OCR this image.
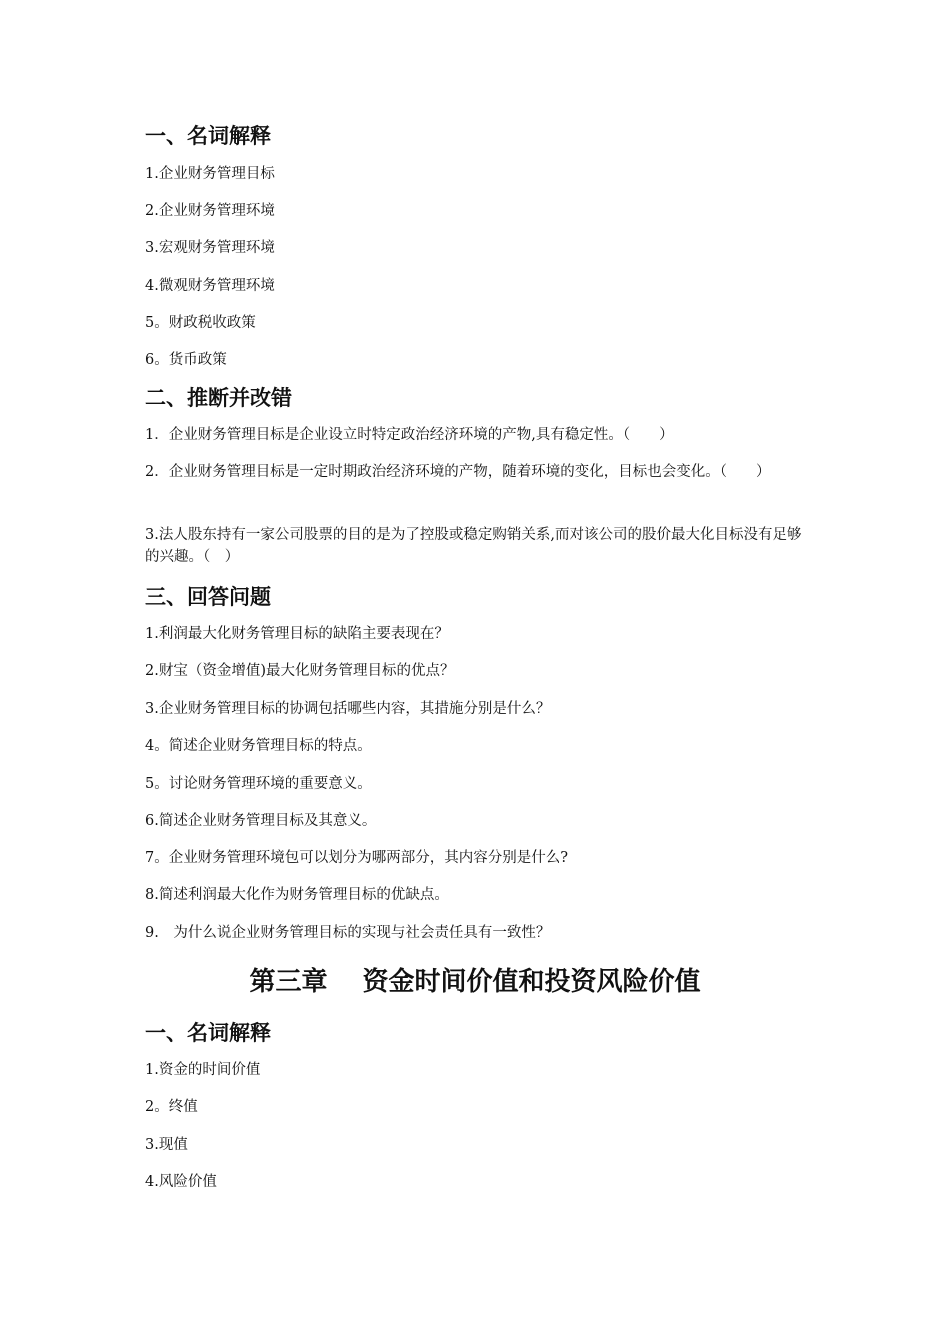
一、名词解释
1.企业财务管理目标
2.企业财务管理环境
3.宏观财务管理环境
4.微观财务管理环境
5。财政税收政策
6。货币政策
二、推断并改错
1．企业财务管理目标是企业设立时特定政治经济环境的产物,具有稳定性。（　　）
2．企业财务管理目标是一定时期政治经济环境的产物，随着环境的变化，目标也会变化。（　　）
3.法人股东持有一家公司股票的目的是为了控股或稳定购销关系,而对该公司的股价最大化目标没有足够的兴趣。（　）
三、回答问题
1.利润最大化财务管理目标的缺陷主要表现在？
2.财宝（资金增值)最大化财务管理目标的优点？
3.企业财务管理目标的协调包括哪些内容，其措施分别是什么？
4。简述企业财务管理目标的特点。
5。讨论财务管理环境的重要意义。
6.简述企业财务管理目标及其意义。
7。企业财务管理环境包可以划分为哪两部分，其内容分别是什么?
8.简述利润最大化作为财务管理目标的优缺点。
9.　为什么说企业财务管理目标的实现与社会责任具有一致性？
第三章　 资金时间价值和投资风险价值
一、名词解释
1.资金的时间价值
2。终值
3.现值
4.风险价值
